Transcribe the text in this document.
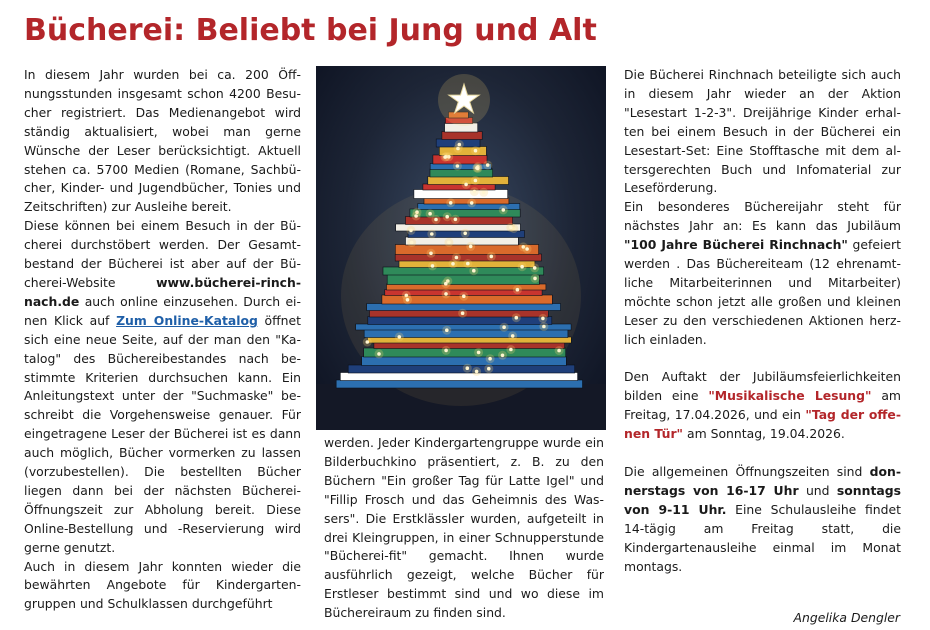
Bücherei: Beliebt bei Jung und Alt

In diesem Jahr wurden bei ca. 200 Öffnungsstunden insgesamt schon 4200 Besucher registriert. Das Medienangebot wird ständig aktualisiert, wobei man gerne Wünsche der Leser berücksichtigt. Aktuell stehen ca. 5700 Medien (Romane, Sachbücher, Kinder- und Jugendbücher, Tonies und Zeitschriften) zur Ausleihe bereit.

Diese können bei einem Besuch in der Bücherei durchstöbert werden. Der Gesamtbestand der Bücherei ist aber auf der Bücherei-Website	www.bücherei-rinchnach.de auch online einzusehen. Durch einen Klick auf Zum Online-Katalog öffnet sich eine neue Seite, auf der man den "Katalog" des Büchereibestandes nach bestimmte Kriterien durchsuchen kann. Ein Anleitungstext unter der "Suchmaske" beschreibt die Vorgehensweise genauer. Für eingetragene Leser der Bücherei ist es dann auch möglich, Bücher vormerken zu lassen (vorzubestellen). Die bestellten Bücher liegen dann bei der nächsten Bücherei-Öffnungszeit zur Abholung bereit. Diese Online-Bestellung und -Reservierung wird gerne genutzt.

Auch in diesem Jahr konnten wieder die bewährten Angebote für Kindergartengruppen und Schulklassen durchgeführt

werden. Jeder Kindergartengruppe wurde ein Bilderbuchkino präsentiert, z. B. zu den Büchern "Ein großer Tag für Latte Igel" und "Fillip Frosch und das Geheimnis des Wassers". Die Erstklässler wurden, aufgeteilt in drei Kleingruppen, in einer Schnupperstunde "Bücherei-fit" gemacht. Ihnen wurde ausführlich gezeigt, welche Bücher für Erstleser bestimmt sind und wo diese im Büchereiraum zu finden sind.

Die Bücherei Rinchnach beteiligte sich auch in diesem Jahr wieder an der Aktion "Lesestart 1-2-3". Dreijährige Kinder erhalten bei einem Besuch in der Bücherei ein Lesestart-Set: Eine Stofftasche mit dem altersgerechten Buch und Infomaterial zur Leseförderung.

Ein besonderes Büchereijahr steht für nächstes Jahr an: Es kann das Jubiläum "100 Jahre Bücherei Rinchnach" gefeiert werden . Das Büchereiteam (12 ehrenamtliche Mitarbeiterinnen und Mitarbeiter) möchte schon jetzt alle großen und kleinen Leser zu den verschiedenen Aktionen herzlich einladen.

Den Auftakt der Jubiläumsfeierlichkeiten bilden eine "Musikalische Lesung" am Freitag, 17.04.2026, und ein "Tag der offenen Tür" am Sonntag, 19.04.2026.

Die allgemeinen Öffnungszeiten sind donnerstags von 16-17 Uhr und sonntags von 9-11 Uhr. Eine Schulausleihe findet 14-tägig am Freitag statt, die Kindergartenausleihe einmal im Monat montags.

Angelika Dengler
